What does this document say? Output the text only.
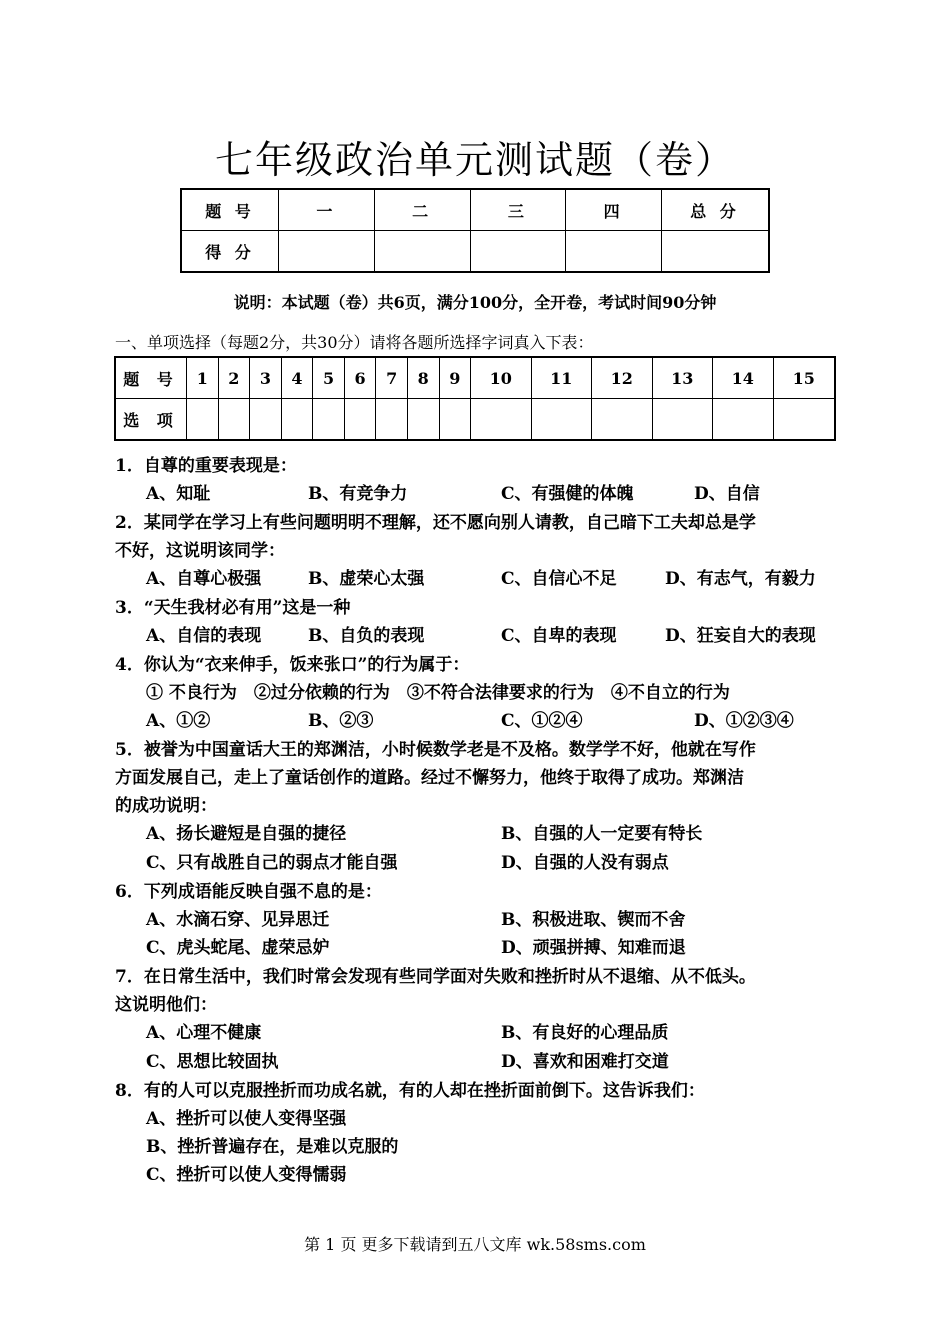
七年级政治单元测试题（卷）
题 号	一	二	三	四	总 分
得 分					
说明：本试题（卷）共6页，满分100分，全开卷，考试时间90分钟
一、单项选择（每题2分，共30分）请将各题所选择字词真入下表：
题 号	1	2	3	4	5	6	7	8	9	10	11	12	13	14	15
选 项															
1．自尊的重要表现是：
A、知耻	B、有竞争力	C、有强健的体魄	D、自信
2．某同学在学习上有些问题明明不理解，还不愿向别人请教，自己暗下工夫却总是学
不好，这说明该同学：
A、自尊心极强	B、虚荣心太强	C、自信心不足	D、有志气，有毅力
3．“天生我材必有用”这是一种
A、自信的表现	B、自负的表现	C、自卑的表现	D、狂妄自大的表现
4．你认为“衣来伸手，饭来张口”的行为属于：
① 不良行为　②过分依赖的行为　③不符合法律要求的行为　④不自立的行为
A、①②	B、②③	C、①②④	D、①②③④
5．被誉为中国童话大王的郑渊洁，小时候数学老是不及格。数学学不好，他就在写作
方面发展自己，走上了童话创作的道路。经过不懈努力，他终于取得了成功。郑渊洁
的成功说明：
A、扬长避短是自强的捷径	B、自强的人一定要有特长
C、只有战胜自己的弱点才能自强	D、自强的人没有弱点
6．下列成语能反映自强不息的是：
A、水滴石穿、见异思迁	B、积极进取、锲而不舍
C、虎头蛇尾、虚荣忌妒	D、顽强拼搏、知难而退
7．在日常生活中，我们时常会发现有些同学面对失败和挫折时从不退缩、从不低头。
这说明他们：
A、心理不健康	B、有良好的心理品质
C、思想比较固执	D、喜欢和困难打交道
8．有的人可以克服挫折而功成名就，有的人却在挫折面前倒下。这告诉我们：
A、挫折可以使人变得坚强
B、挫折普遍存在，是难以克服的
C、挫折可以使人变得懦弱
第 1 页 更多下载请到五八文库 wk.58sms.com
